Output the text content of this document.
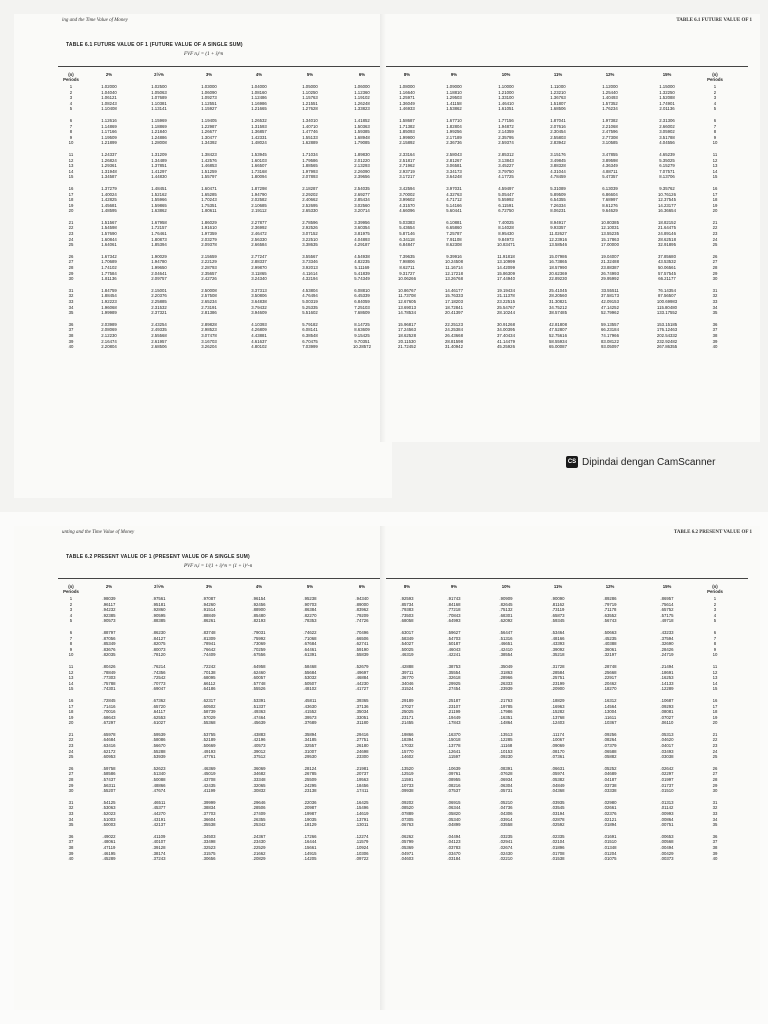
ing and the Time Value of Money
TABLE 6.1 FUTURE VALUE OF 1 (FUTURE VALUE OF A SINGLE SUM)
FVF n,i = (1 + i)^n
(n)
Periods
1
2
3
4
5
6
7
8
9
10
11
12
13
14
15
16
17
18
19
20
21
22
23
24
25
26
27
28
29
30
31
32
33
34
35
36
37
38
39
40
2%
1.02000
1.04040
1.06121
1.08243
1.10408
1.12616
1.14869
1.17166
1.19509
1.21899
1.24337
1.26824
1.29361
1.31948
1.34587
1.37279
1.40024
1.42825
1.45681
1.48595
1.51567
1.54598
1.57690
1.60844
1.64061
1.67342
1.70689
1.74102
1.77584
1.81136
1.84759
1.88454
1.92223
1.96068
1.99989
2.03989
2.08069
2.12230
2.16474
2.20804
2½%
1.02500
1.05063
1.07689
1.10381
1.13141
1.15969
1.18869
1.21840
1.24886
1.28008
1.31209
1.34489
1.37851
1.41297
1.44830
1.48451
1.52162
1.55966
1.59865
1.63862
1.67958
1.72157
1.76461
1.80873
1.85394
1.90029
1.94780
1.99650
2.04641
2.09757
2.15001
2.20376
2.25885
2.31532
2.37321
2.43254
2.49335
2.55568
2.61957
2.68506
3%
1.03000
1.06090
1.09273
1.12551
1.15927
1.19405
1.22987
1.26677
1.30477
1.34392
1.38423
1.42576
1.46853
1.51259
1.55797
1.60471
1.65285
1.70243
1.75351
1.80611
1.86029
1.91610
1.97359
2.03279
2.09378
2.15659
2.22129
2.28793
2.35657
2.42726
2.50008
2.57508
2.65234
2.73191
2.81386
2.89828
2.98523
3.07478
3.16703
3.26204
4%
1.04000
1.08160
1.12486
1.16986
1.21665
1.26532
1.31593
1.36857
1.42331
1.48024
1.53945
1.60103
1.66507
1.73168
1.80094
1.87298
1.94790
2.02582
2.10685
2.19112
2.27877
2.36992
2.46472
2.56330
2.66584
2.77247
2.88337
2.99870
3.11865
3.24340
3.37313
3.50806
3.64838
3.79432
3.94609
4.10393
4.26809
4.43881
4.61637
4.80102
5%
1.05000
1.10250
1.15763
1.21551
1.27628
1.34010
1.40710
1.47746
1.55133
1.62889
1.71034
1.79586
1.88565
1.97993
2.07893
2.18287
2.29202
2.40662
2.52695
2.65330
2.78596
2.92526
3.07152
3.22510
3.38635
3.55567
3.73346
3.92013
4.11614
4.32194
4.53804
4.76494
5.00319
5.25335
5.51602
5.79182
6.08141
6.38548
6.70475
7.03999
6%
1.06000
1.12360
1.19102
1.26248
1.33823
1.41852
1.50363
1.59385
1.68948
1.79085
1.89830
2.01220
2.13293
2.26090
2.39656
2.54035
2.69277
2.85434
3.02560
3.20714
3.39956
3.60354
3.81975
4.04893
4.29187
4.54938
4.82235
5.11169
5.41839
5.74349
6.08810
6.45339
6.84059
7.25103
7.68609
8.14725
8.63609
9.15425
9.70351
10.28572
TABLE 6.1 FUTURE VALUE OF 1
8%
1.08000
1.16640
1.25971
1.36049
1.46933
1.58687
1.71382
1.85093
1.99900
2.15892
2.33164
2.51817
2.71962
2.93719
3.17217
3.42594
3.70002
3.99602
4.31570
4.66096
5.03383
5.43654
5.87146
6.34118
6.84847
7.39635
7.98806
8.62711
9.31727
10.06266
10.86767
11.73708
12.67605
13.69013
14.78534
15.96817
17.24563
18.62528
20.11530
21.72452
9%
1.09000
1.18810
1.29503
1.41158
1.53862
1.67710
1.82804
1.99256
2.17189
2.36736
2.58043
2.81267
3.06581
3.34173
3.64248
3.97031
4.32763
4.71712
5.14166
5.60441
6.10881
6.65860
7.25787
7.91108
8.62308
9.39916
10.24508
11.16714
12.17218
13.26768
14.46177
15.76333
17.18203
18.72841
20.41397
22.25123
24.25384
26.43668
28.81598
31.40942
10%
1.10000
1.21000
1.33100
1.46410
1.61051
1.77156
1.94872
2.14359
2.35795
2.59374
2.85312
3.13843
3.45227
3.79750
4.17725
4.59497
5.05447
5.55992
6.11591
6.72750
7.40025
8.14028
8.95430
9.84973
10.83471
11.91818
13.10999
14.42099
15.86309
17.44940
19.19434
21.11378
23.22515
25.54767
28.10244
30.91268
34.00395
37.40434
41.14479
45.25926
11%
1.11000
1.23210
1.36763
1.51807
1.68506
1.87041
2.07616
2.30454
2.55803
2.83942
3.15176
3.49845
3.88328
4.31044
4.78459
5.31089
5.89509
6.54355
7.26334
8.06231
8.94917
9.93357
11.02627
12.23916
13.58546
15.07986
16.73865
18.57990
20.62369
22.89230
25.41045
28.20560
31.30821
34.75212
38.57485
42.81808
47.52807
52.75616
58.55934
65.00087
12%
1.12000
1.25440
1.40493
1.57352
1.76234
1.97382
2.21068
2.47596
2.77308
3.10585
3.47855
3.89598
4.36349
4.88711
5.47357
6.13039
6.86604
7.68997
8.61276
9.64629
10.80385
12.10031
13.55235
15.17863
17.00000
19.04007
21.32488
23.88387
26.74993
29.95992
33.55511
37.58173
42.09153
47.14252
52.79962
59.13557
66.23184
74.17966
83.08122
93.05097
15%
1.15000
1.32250
1.52088
1.74901
2.01136
2.31306
2.66002
3.05902
3.51788
4.04556
4.65239
5.35025
6.15279
7.07571
8.13706
9.35762
10.76126
12.37545
14.23177
16.36654
18.82152
21.64475
24.89146
28.62518
32.91895
37.85680
43.53532
50.06561
57.57545
66.21177
76.14354
87.56507
100.69983
115.80480
133.17552
153.15185
176.12463
202.54332
232.92482
267.86355
(n)
Periods
1
2
3
4
5
6
7
8
9
10
11
12
13
14
15
16
17
18
19
20
21
22
23
24
25
26
27
28
29
30
31
32
33
34
35
36
37
38
39
40
CS Dipindai dengan CamScanner
unting and the Time Value of Money
TABLE 6.2 PRESENT VALUE OF 1 (PRESENT VALUE OF A SINGLE SUM)
PVF n,i = 1/(1 + i)^n = (1 + i)^-n
(n)
Periods
1
2
3
4
5
6
7
8
9
10
11
12
13
14
15
16
17
18
19
20
21
22
23
24
25
26
27
28
29
30
31
32
33
34
35
36
37
38
39
40
2%
.98039
.96117
.94232
.92385
.90573
.88797
.87056
.85349
.83676
.82035
.80426
.78849
.77303
.75788
.74301
.72845
.71416
.70016
.68643
.67297
.65978
.64684
.63416
.62172
.60953
.59758
.58586
.57437
.56311
.55207
.54125
.53063
.52023
.51003
.50003
.49022
.48061
.47119
.46195
.45289
2½%
.97561
.95181
.92860
.90595
.88385
.86230
.84127
.82075
.80073
.78120
.76214
.74356
.72542
.70773
.69047
.67362
.65720
.64117
.62553
.61027
.59539
.58086
.56670
.55288
.53939
.52623
.51340
.50088
.48866
.47674
.46511
.45377
.44270
.43191
.42137
.41109
.40107
.39128
.38174
.37243
3%
.97087
.94260
.91514
.88849
.86261
.83748
.81309
.78941
.76642
.74409
.72242
.70138
.68095
.66112
.64186
.62317
.60502
.58739
.57029
.55368
.53755
.52189
.50669
.49193
.47761
.46369
.45019
.43708
.42435
.41199
.39999
.38834
.37703
.36604
.35538
.34503
.33498
.32523
.31575
.30656
4%
.96154
.92456
.88900
.85480
.82193
.79031
.75992
.73069
.70259
.67556
.64958
.62460
.60057
.57748
.55526
.53391
.51337
.49363
.47464
.45639
.43883
.42196
.40573
.39012
.37512
.36069
.34682
.33348
.32065
.30832
.29646
.28506
.27409
.26355
.25342
.24367
.23430
.22529
.21662
.20829
5%
.95238
.90703
.86384
.82270
.78353
.74622
.71068
.67684
.64461
.61391
.58468
.55684
.53032
.50507
.48102
.45811
.43630
.41552
.39573
.37689
.35894
.34185
.32557
.31007
.29530
.28124
.26785
.25509
.24295
.23138
.22036
.20987
.19987
.19035
.18129
.17266
.16444
.15661
.14915
.14205
6%
.94340
.89000
.83962
.79209
.74726
.70496
.66506
.62741
.59190
.55839
.52679
.49697
.46884
.44230
.41727
.39365
.37136
.35034
.33051
.31180
.29416
.27751
.26180
.24698
.23300
.21981
.20737
.19563
.18456
.17411
.16425
.15496
.14619
.13791
.13011
.12274
.11579
.10924
.10306
.09722
TABLE 6.2 PRESENT VALUE OF 1
8%
.92593
.85734
.79383
.73503
.68058
.63017
.58349
.54027
.50025
.46319
.42888
.39711
.36770
.34046
.31524
.29189
.27027
.25025
.23171
.21455
.19866
.18394
.17032
.15770
.14602
.13520
.12519
.11591
.10733
.09938
.09202
.08520
.07889
.07305
.06763
.06262
.05799
.05369
.04971
.04603
9%
.91743
.84168
.77218
.70843
.64993
.59627
.54703
.50187
.46043
.42241
.38753
.35554
.32618
.29925
.27454
.25187
.23107
.21199
.19449
.17843
.16370
.15018
.13778
.12641
.11597
.10639
.09761
.08955
.08216
.07537
.06915
.06344
.05820
.05340
.04899
.04494
.04123
.03783
.03470
.03184
10%
.90909
.82645
.75132
.68301
.62092
.56447
.51316
.46651
.42410
.38554
.35049
.31863
.28966
.26333
.23939
.21763
.19785
.17986
.16351
.14864
.13513
.12285
.11168
.10153
.09230
.08391
.07628
.06934
.06304
.05731
.05210
.04736
.04306
.03914
.03558
.03235
.02941
.02674
.02430
.02210
11%
.90090
.81162
.73119
.65873
.59345
.53464
.48166
.43393
.39092
.35218
.31728
.28584
.25751
.23199
.20900
.18829
.16963
.15282
.13768
.12403
.11174
.10067
.09069
.08170
.07361
.06631
.05974
.05382
.04849
.04368
.03935
.03545
.03194
.02878
.02592
.02335
.02104
.01896
.01708
.01538
12%
.89286
.79719
.71178
.63552
.56743
.50663
.45235
.40388
.36061
.32197
.28748
.25668
.22917
.20462
.18270
.16312
.14564
.13004
.11611
.10367
.09256
.08264
.07379
.06588
.05882
.05252
.04689
.04187
.03738
.03338
.02980
.02661
.02376
.02121
.01894
.01691
.01510
.01348
.01204
.01075
15%
.86957
.75614
.65752
.57175
.49718
.43233
.37594
.32690
.28426
.24719
.21494
.18691
.16253
.14133
.12289
.10687
.09293
.08081
.07027
.06110
.05313
.04620
.04017
.03493
.03038
.02642
.02297
.01997
.01737
.01510
.01313
.01142
.00993
.00864
.00751
.00653
.00568
.00494
.00429
.00373
(n)
Periods
1
2
3
4
5
6
7
8
9
10
11
12
13
14
15
16
17
18
19
20
21
22
23
24
25
26
27
28
29
30
31
32
33
34
35
36
37
38
39
40
